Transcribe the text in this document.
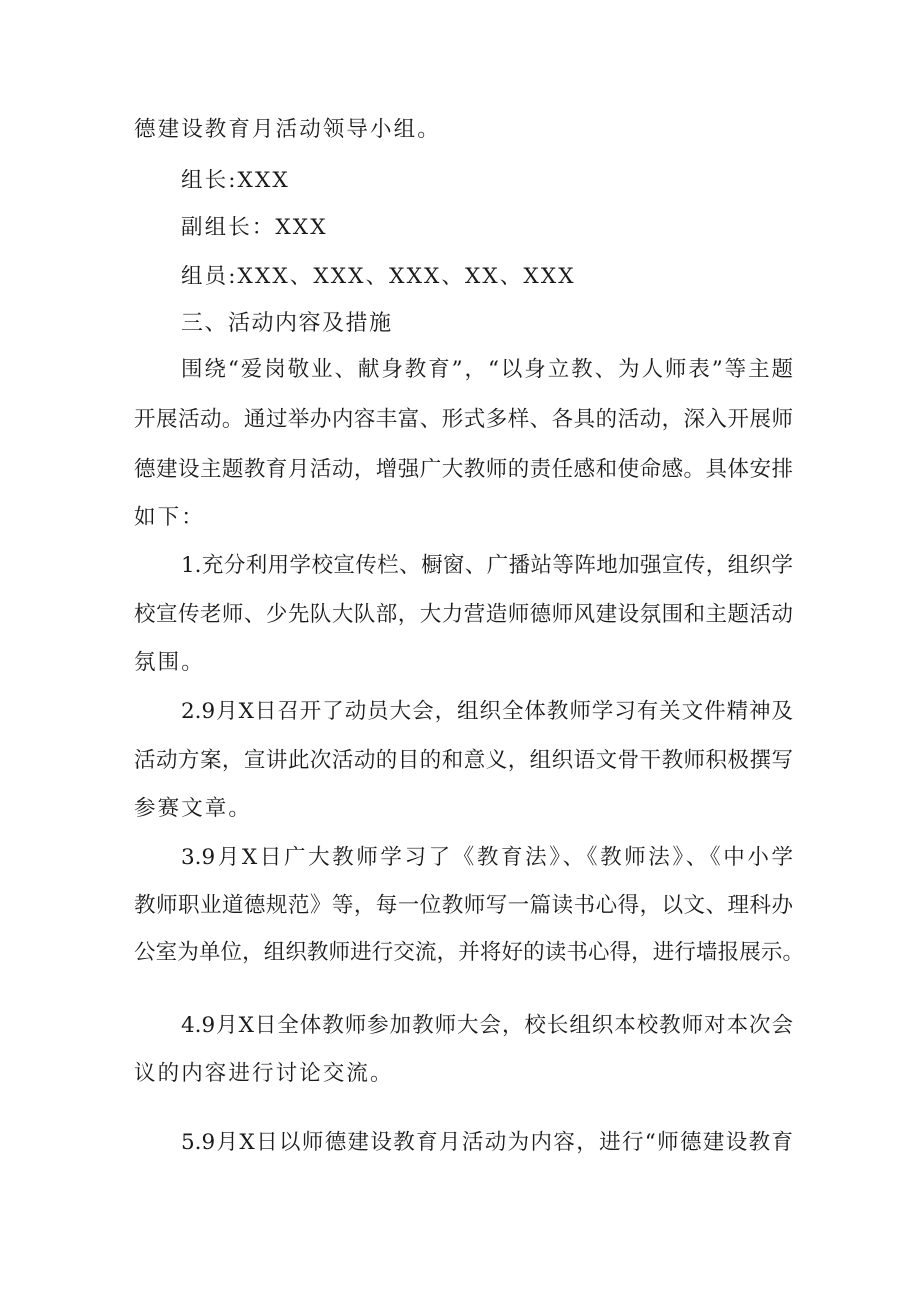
德建设教育月活动领导小组。
组长:XXX
副组长：XXX
组员:XXX、XXX、XXX、XX、XXX
三、活动内容及措施
围绕“爱岗敬业、献身教育”，“以身立教、为人师表”等主题
开展活动。通过举办内容丰富、形式多样、各具的活动，深入开展师
德建设主题教育月活动，增强广大教师的责任感和使命感。具体安排
如下：
1.充分利用学校宣传栏、橱窗、广播站等阵地加强宣传，组织学
校宣传老师、少先队大队部，大力营造师德师风建设氛围和主题活动
氛围。
2.9月X日召开了动员大会，组织全体教师学习有关文件精神及
活动方案，宣讲此次活动的目的和意义，组织语文骨干教师积极撰写
参赛文章。
3.9月X日广大教师学习了《教育法》、《教师法》、《中小学
教师职业道德规范》等，每一位教师写一篇读书心得，以文、理科办
公室为单位，组织教师进行交流，并将好的读书心得，进行墙报展示。
4.9月X日全体教师参加教师大会，校长组织本校教师对本次会
议的内容进行讨论交流。
5.9月X日以师德建设教育月活动为内容，进行“师德建设教育
